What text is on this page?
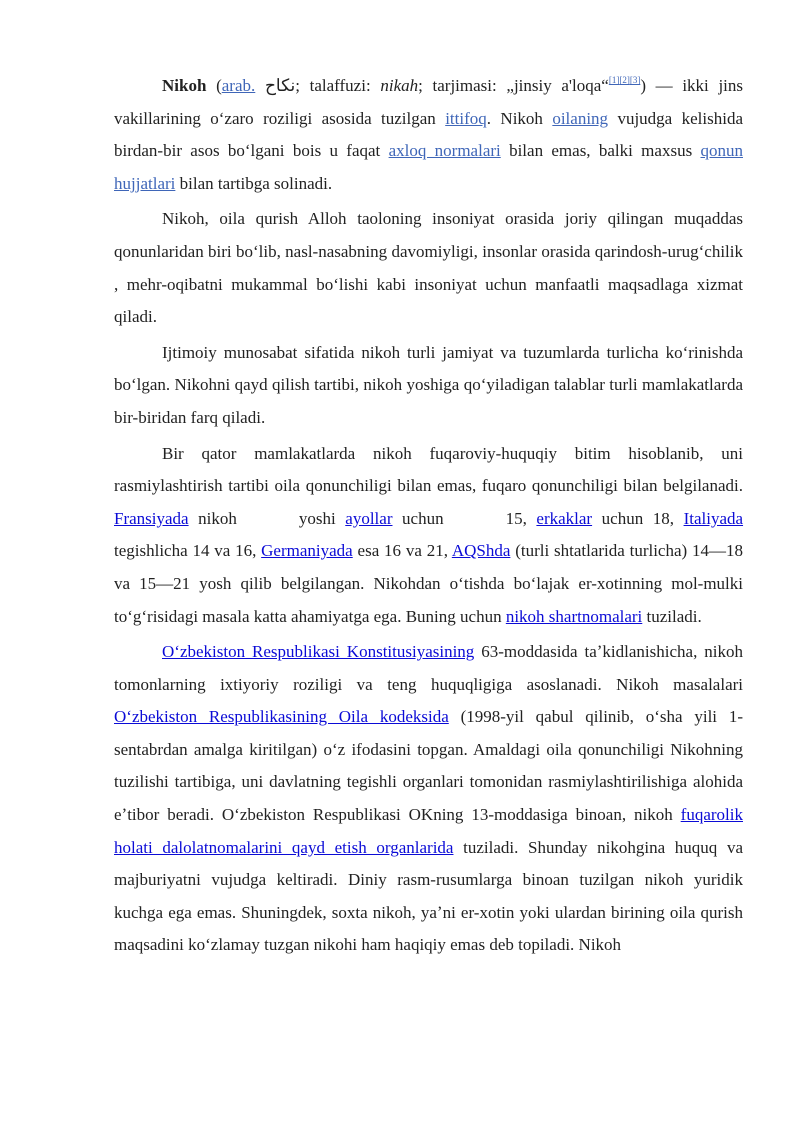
Nikoh (arab. نكاح; talaffuzi: nikah; tarjimasi: „jinsiy a'loqa“[1][2][3]) — ikki jins vakillarining oʻzaro roziligi asosida tuzilgan ittifoq. Nikoh oilaning vujudga kelishida birdan-bir asos boʻlgani bois u faqat axloq normalari bilan emas, balki maxsus qonun hujjatlari bilan tartibga solinadi.

Nikoh, oila qurish Alloh taoloning insoniyat orasida joriy qilingan muqaddas qonunlaridan biri boʻlib, nasl-nasabning davomiyligi, insonlar orasida qarindosh-urugʻchilik , mehr-oqibatni mukammal boʻlishi kabi insoniyat uchun manfaatli maqsadlaga xizmat qiladi.

Ijtimoiy munosabat sifatida nikoh turli jamiyat va tuzumlarda turlicha koʻrinishda boʻlgan. Nikohni qayd qilish tartibi, nikoh yoshiga qoʻyiladigan talablar turli mamlakatlarda bir-biridan farq qiladi.

Bir qator mamlakatlarda nikoh fuqaroviy-huquqiy bitim hisoblanib, uni rasmiylashtirish tartibi oila qonunchiligi bilan emas, fuqaro qonunchiligi bilan belgilanadi. Fransiyada nikoh	yoshi ayollar uchun	15, erkaklar uchun 18, Italiyada tegishlicha 14 va 16, Germaniyada esa 16 va 21, AQShda (turli shtatlarida turlicha) 14—18 va 15—21 yosh qilib belgilangan. Nikohdan oʻtishda boʻlajak er-xotinning mol-mulki toʻgʻrisidagi masala katta ahamiyatga ega. Buning uchun nikoh shartnomalari tuziladi.

Oʻzbekiston Respublikasi Konstitusiyasining 63-moddasida taʼkidlanishicha, nikoh tomonlarning ixtiyoriy roziligi va teng huquqligiga asoslanadi. Nikoh masalalari Oʻzbekiston Respublikasining Oila kodeksida (1998-yil qabul qilinib, oʻsha yili 1-sentabrdan amalga kiritilgan) oʻz ifodasini topgan. Amaldagi oila qonunchiligi Nikohning tuzilishi tartibiga, uni davlatning tegishli organlari tomonidan rasmiylashtirilishiga alohida eʼtibor beradi. Oʻzbekiston Respublikasi OKning 13-moddasiga binoan, nikoh fuqarolik holati dalolatnomalarini qayd etish organlarida tuziladi. Shunday nikohgina huquq va majburiyatni vujudga keltiradi. Diniy rasm-rusumlarga binoan tuzilgan nikoh yuridik kuchga ega emas. Shuningdek, soxta nikoh, yaʼni er-xotin yoki ulardan birining oila qurish maqsadini koʻzlamay tuzgan nikohi ham haqiqiy emas deb topiladi. Nikoh
